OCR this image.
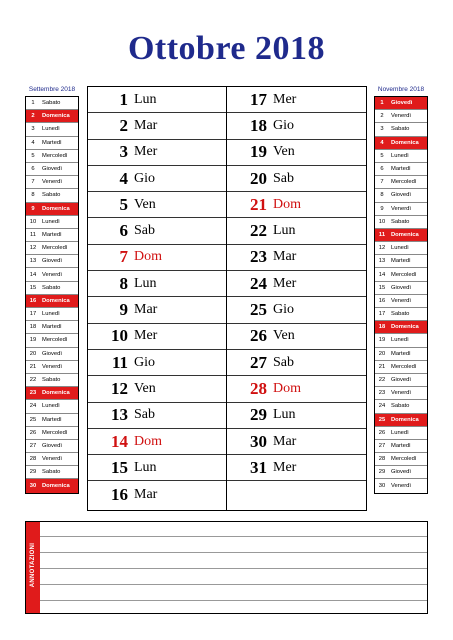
Ottobre 2018
Settembre 2018
1	Sabato
2	Domenica
3	Lunedì
4	Martedì
5	Mercoledì
6	Giovedì
7	Venerdì
8	Sabato
9	Domenica
10 Lunedì
11	Martedì
12 Mercoledì
13 Giovedì
14 Venerdì
15 Sabato
16 Domenica
17 Lunedì
18 Martedì
19 Mercoledì
20 Giovedì
21 Venerdì
22 Sabato
23 Domenica
24 Lunedì
25 Martedì
26 Mercoledì
27 Giovedì
28 Venerdì
29 Sabato
30 Domenica
Novembre 2018
1	Giovedì
2	Venerdì
3	Sabato
4	Domenica
5	Lunedì
6	Martedì
7	Mercoledì
8	Giovedì
9	Venerdì
10 Sabato
11	Domenica
12 Lunedì
13 Martedì
14 Mercoledì
15 Giovedì
16 Venerdì
17 Sabato
18 Domenica
19 Lunedì
20 Martedì
21 Mercoledì
22 Giovedì
23 Venerdì
24 Sabato
25 Domenica
26 Lunedì
27 Martedì
28 Mercoledì
29 Giovedì
30 Venerdì
1 Lun
2 Mar
3 Mer
4 Gio
5 Ven
6 Sab
7 Dom
8 Lun
9 Mar
10 Mer
11 Gio
12 Ven
13 Sab
14 Dom
15 Lun
16 Mar
17 Mer
18 Gio
19 Ven
20 Sab
21 Dom
22 Lun
23 Mar
24 Mer
25 Gio
26 Ven
27 Sab
28 Dom
29 Lun
30 Mar
31 Mer
ANNOTAZIONI
